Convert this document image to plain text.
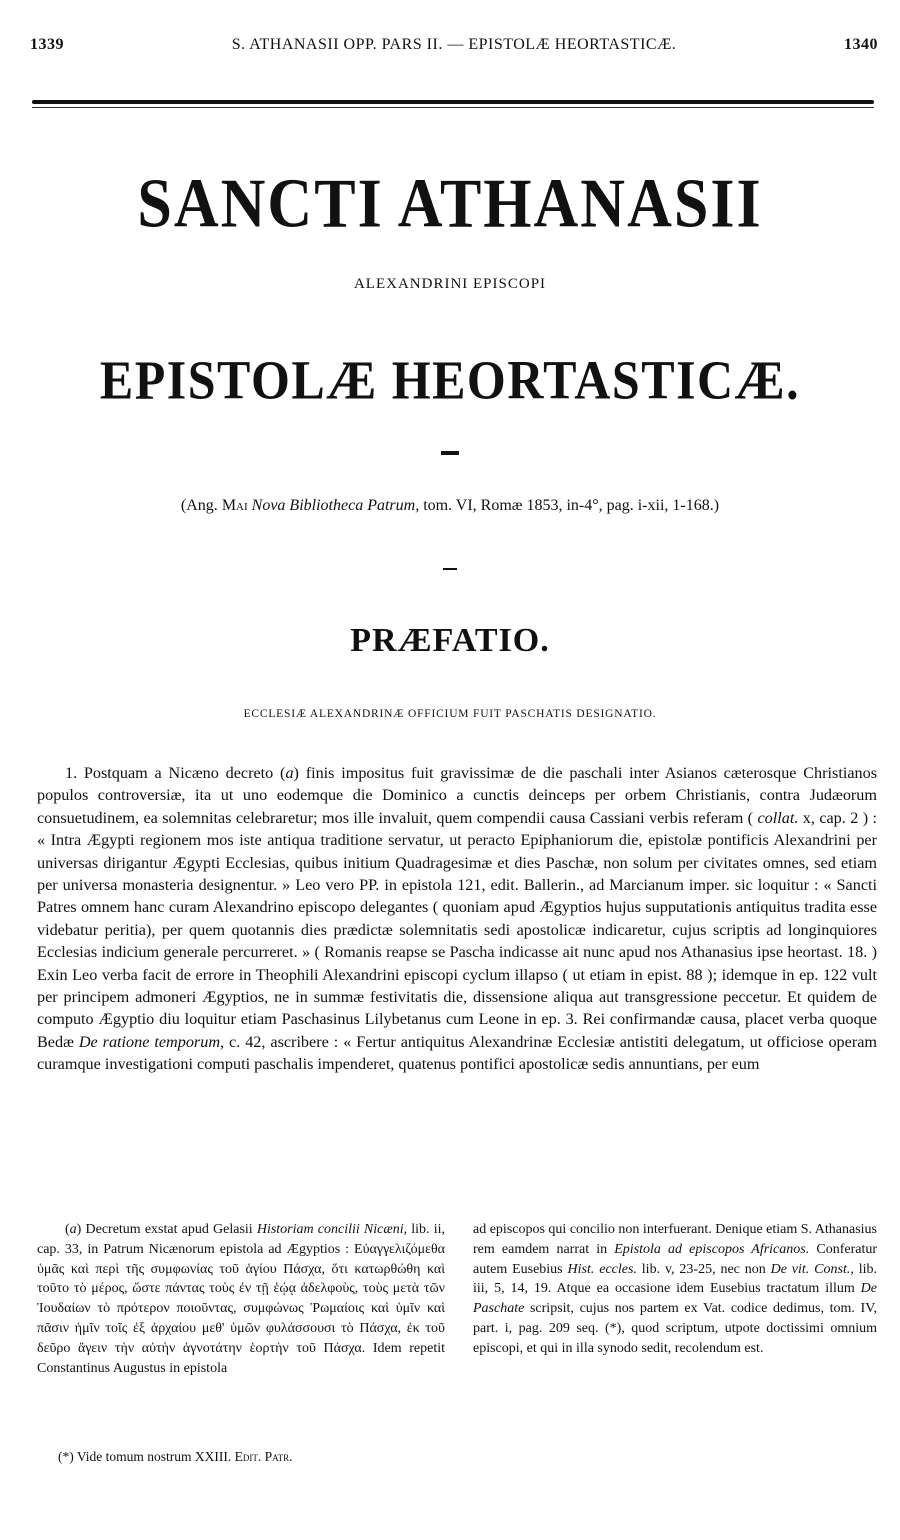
1339	S. ATHANASII OPP. PARS II. — EPISTOLÆ HEORTASTICÆ.	1340
SANCTI ATHANASII
ALEXANDRINI EPISCOPI
EPISTOLÆ HEORTASTICÆ.
(Ang. Mai Nova Bibliotheca Patrum, tom. VI, Romæ 1853, in-4°, pag. i-xii, 1-168.)
PRÆFATIO.
ECCLESIÆ ALEXANDRINÆ OFFICIUM FUIT PASCHATIS DESIGNATIO.

1. Postquam a Nicæno decreto (a) finis impositus fuit gravissimæ de die paschali inter Asianos cæterosque Christianos populos controversiæ, ita ut uno eodemque die Dominico a cunctis deinceps per orbem Christianis, contra Judæorum consuetudinem, ea solemnitas celebraretur; mos ille invaluit, quem compendii causa Cassiani verbis referam ( collat. x, cap. 2 ) : « Intra Ægypti regionem mos iste antiqua traditione servatur, ut peracto Epiphaniorum die, epistolæ pontificis Alexandrini per universas dirigantur Ægypti Ecclesias, quibus initium Quadragesimæ et dies Paschæ, non solum per civitates omnes, sed etiam per universa monasteria designentur. » Leo vero PP. in epistola 121, edit. Ballerin., ad Marcianum imper. sic loquitur : « Sancti Patres omnem hanc curam Alexandrino episcopo delegantes ( quoniam apud Ægyptios hujus supputationis antiquitus tradita esse videbatur peritia), per quem quotannis dies prædictæ solemnitatis sedi apostolicæ indicaretur, cujus scriptis ad longinquiores Ecclesias indicium generale percurreret. » ( Romanis reapse se Pascha indicasse ait nunc apud nos Athanasius ipse heortast. 18. ) Exin Leo verba facit de errore in Theophili Alexandrini episcopi cyclum illapso ( ut etiam in epist. 88 ); idemque in ep. 122 vult per principem admoneri Ægyptios, ne in summæ festivitatis die, dissensione aliqua aut transgressione peccetur. Et quidem de computo Ægyptio diu loquitur etiam Paschasinus Lilybetanus cum Leone in ep. 3. Rei confirmandæ causa, placet verba quoque Bedæ De ratione temporum, c. 42, ascribere : « Fertur antiquitus Alexandrinæ Ecclesiæ antistiti delegatum, ut officiose operam curamque investigationi computi paschalis impenderet, quatenus pontifici apostolicæ sedis annuntians, per eum

(a) Decretum exstat apud Gelasii Historiam concilii Nicæni, lib. ii, cap. 33, in Patrum Nicænorum epistola ad Ægyptios : Εὐαγγελιζόμεθα ὑμᾶς καὶ περὶ τῆς συμφωνίας τοῦ ἁγίου Πάσχα, ὅτι κατωρθώθη καὶ τοῦτο τὸ μέρος, ὥστε πάντας τοὺς ἐν τῇ ἑῴᾳ ἀδελφοὺς, τοὺς μετὰ τῶν Ἰουδαίων τὸ πρότερον ποιοῦντας, συμφώνως Ῥωμαίοις καὶ ὑμῖν καὶ πᾶσιν ἡμῖν τοῖς ἐξ ἀρχαίου μεθ' ὑμῶν φυλάσσουσι τὸ Πάσχα, ἐκ τοῦ δεῦρο ἄγειν τὴν αὐτὴν ἀγνοτάτην ἑορτὴν τοῦ Πάσχα. Idem repetit Constantinus Augustus in epistola

ad episcopos qui concilio non interfuerant. Denique etiam S. Athanasius rem eamdem narrat in Epistola ad episcopos Africanos. Conferatur autem Eusebius Hist. eccles. lib. v, 23-25, nec non De vit. Const., lib. iii, 5, 14, 19. Atque ea occasione idem Eusebius tractatum illum De Paschate scripsit, cujus nos partem ex Vat. codice dedimus, tom. IV, part. i, pag. 209 seq. (*), quod scriptum, utpote doctissimi omnium episcopi, et qui in illa synodo sedit, recolendum est.

(*) Vide tomum nostrum XXIII. Edit. Patr.
